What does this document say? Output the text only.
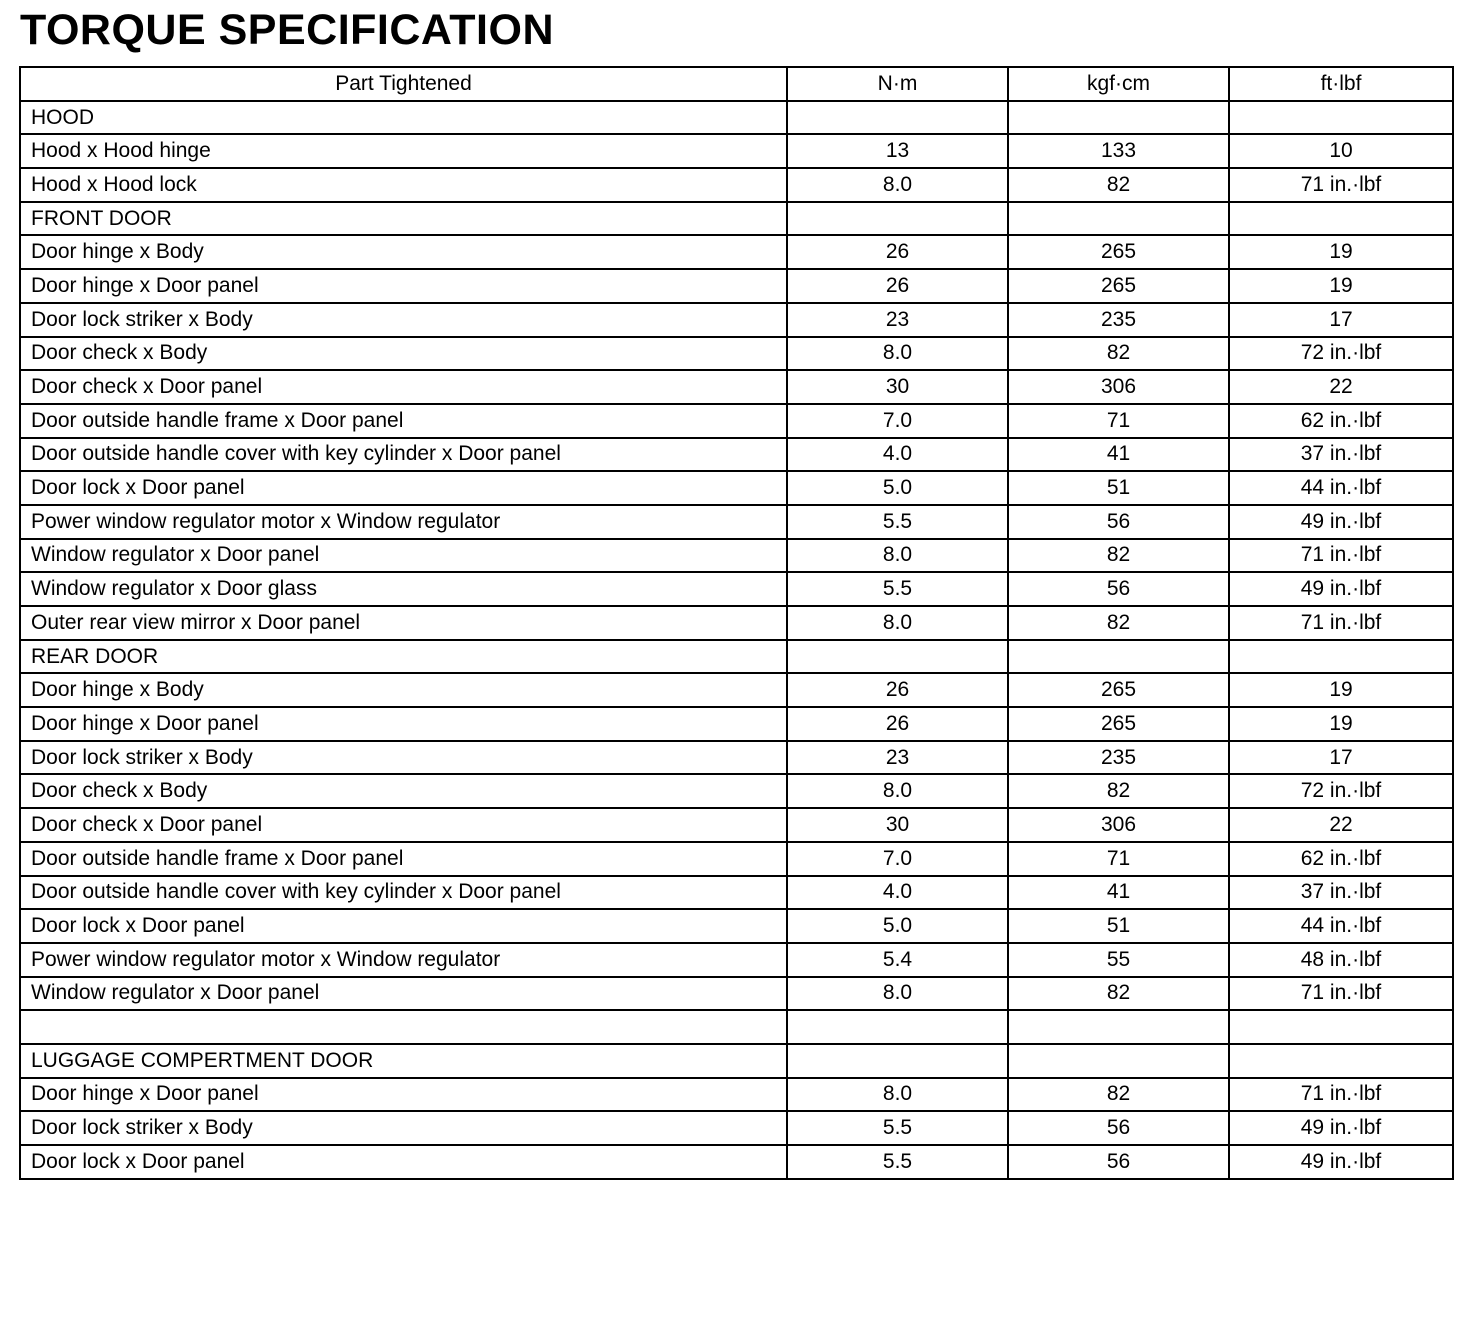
TORQUE SPECIFICATION
Part Tightened	N·m	kgf·cm	ft·lbf
HOOD			
Hood x Hood hinge	13	133	10
Hood x Hood lock	8.0	82	71 in.·lbf
FRONT DOOR			
Door hinge x Body	26	265	19
Door hinge x Door panel	26	265	19
Door lock striker x Body	23	235	17
Door check x Body	8.0	82	72 in.·lbf
Door check x Door panel	30	306	22
Door outside handle frame x Door panel	7.0	71	62 in.·lbf
Door outside handle cover with key cylinder x Door panel	4.0	41	37 in.·lbf
Door lock x Door panel	5.0	51	44 in.·lbf
Power window regulator motor x Window regulator	5.5	56	49 in.·lbf
Window regulator x Door panel	8.0	82	71 in.·lbf
Window regulator x Door glass	5.5	56	49 in.·lbf
Outer rear view mirror x Door panel	8.0	82	71 in.·lbf
REAR DOOR			
Door hinge x Body	26	265	19
Door hinge x Door panel	26	265	19
Door lock striker x Body	23	235	17
Door check x Body	8.0	82	72 in.·lbf
Door check x Door panel	30	306	22
Door outside handle frame x Door panel	7.0	71	62 in.·lbf
Door outside handle cover with key cylinder x Door panel	4.0	41	37 in.·lbf
Door lock x Door panel	5.0	51	44 in.·lbf
Power window regulator motor x Window regulator	5.4	55	48 in.·lbf
Window regulator x Door panel	8.0	82	71 in.·lbf

LUGGAGE COMPERTMENT DOOR			
Door hinge x Door panel	8.0	82	71 in.·lbf
Door lock striker x Body	5.5	56	49 in.·lbf
Door lock x Door panel	5.5	56	49 in.·lbf
